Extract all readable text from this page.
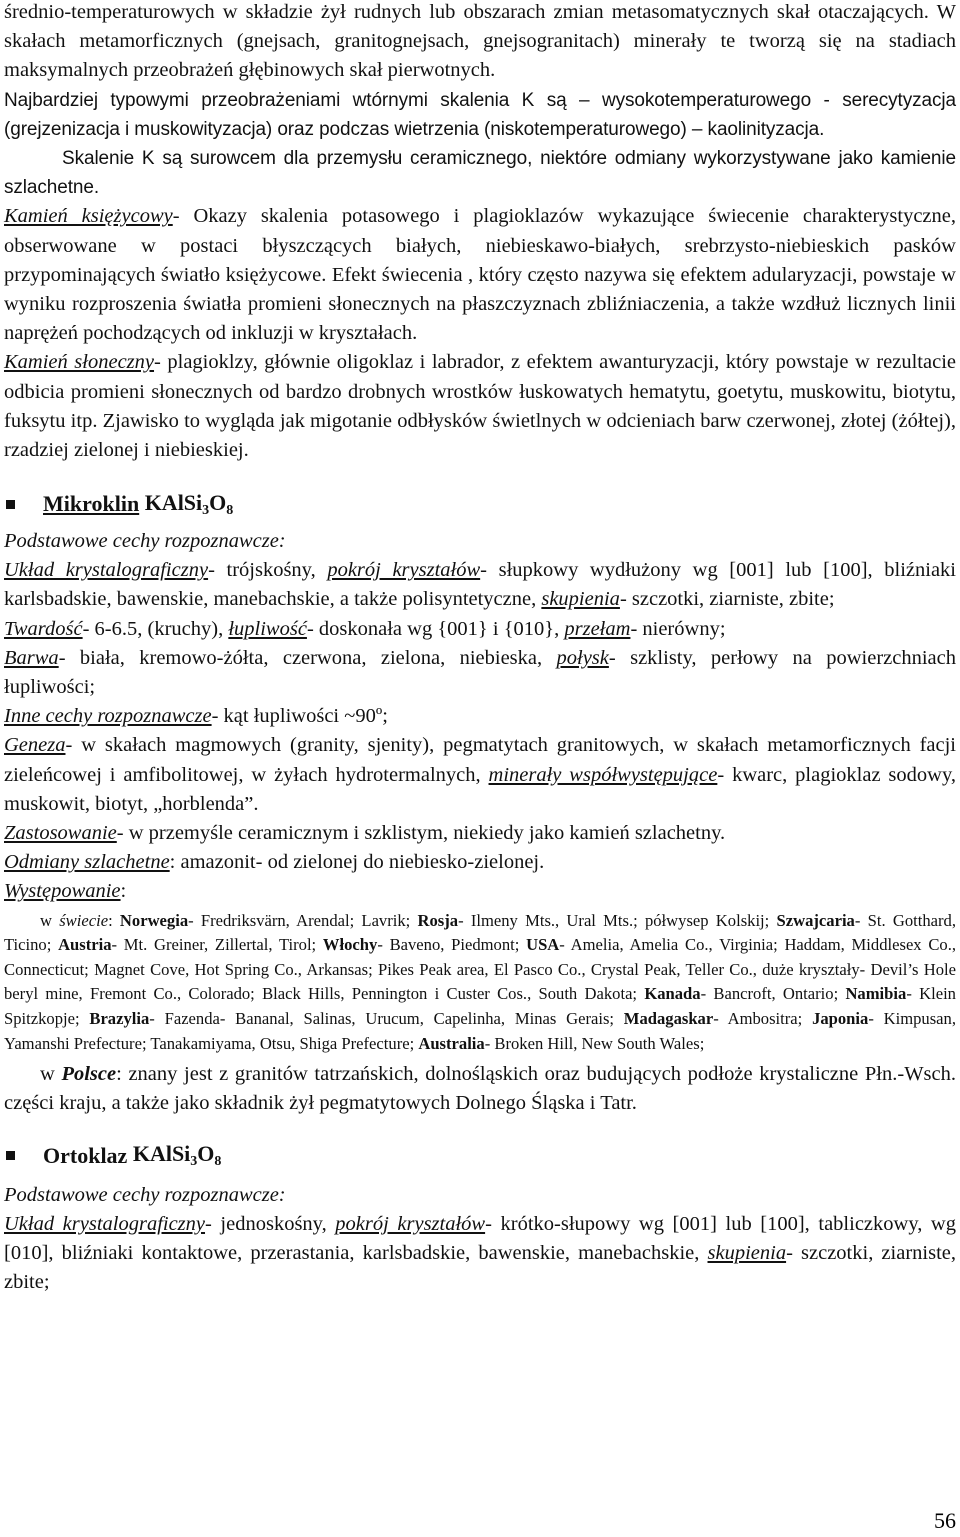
średnio-temperaturowych w składzie żył rudnych lub obszarach zmian metasomatycznych skał otaczających. W skałach metamorficznych (gnejsach, granitognejsach, gnejsogranitach) minerały te tworzą się na stadiach maksymalnych przeobrażeń głębinowych skał pierwotnych.

Najbardziej typowymi przeobrażeniami wtórnymi skalenia K są – wysokotemperaturowego - serecytyzacja (grejzenizacja i muskowityzacja) oraz podczas wietrzenia (niskotemperaturowego) – kaolinityzacja.

Skalenie K są surowcem dla przemysłu ceramicznego, niektóre odmiany wykorzystywane jako kamienie szlachetne.

Kamień księżycowy- Okazy skalenia potasowego i plagioklazów wykazujące świecenie charakterystyczne, obserwowane w postaci błyszczących białych, niebieskawo-białych, srebrzysto-niebieskich pasków przypominających światło księżycowe. Efekt świecenia , który często nazywa się efektem adularyzacji, powstaje w wyniku rozproszenia światła promieni słonecznych na płaszczyznach zbliźniaczenia, a także wzdłuż licznych linii naprężeń pochodzących od inkluzji w kryształach.

Kamień słoneczny- plagioklzy, głównie oligoklaz i labrador, z efektem awanturyzacji, który powstaje w rezultacie odbicia promieni słonecznych od bardzo drobnych wrostków łuskowatych hematytu, goetytu, muskowitu, biotytu, fuksytu itp. Zjawisko to wygląda jak migotanie odbłysków świetlnych w odcieniach barw czerwonej, złotej (żółtej), rzadziej zielonej i niebieskiej.

Mikroklin
$KAlSi_3O_8$

Podstawowe cechy rozpoznawcze:

Układ krystalograficzny- trójskośny, pokrój kryształów- słupkowy wydłużony wg [001] lub [100], bliźniaki karlsbadskie, bawenskie, manebachskie, a także polisyntetyczne, skupienia- szczotki, ziarniste, zbite;

Twardość- 6-6.5, (kruchy), łupliwość- doskonała wg {001} i {010}, przełam- nierówny;

Barwa- biała, kremowo-żółta, czerwona, zielona, niebieska, połysk- szklisty, perłowy na powierzchniach łupliwości;

Inne cechy rozpoznawcze- kąt łupliwości ~90º;

Geneza- w skałach magmowych (granity, sjenity), pegmatytach granitowych, w skałach metamorficznych facji zieleńcowej i amfibolitowej, w żyłach hydrotermalnych, minerały współwystępujące- kwarc, plagioklaz sodowy, muskowit, biotyt, „horblenda”.

Zastosowanie- w przemyśle ceramicznym i szklistym, niekiedy jako kamień szlachetny.

Odmiany szlachetne: amazonit- od zielonej do niebiesko-zielonej.

Występowanie:

w świecie: Norwegia- Fredriksvärn, Arendal; Lavrik; Rosja- Ilmeny Mts., Ural Mts.; półwysep Kolskij; Szwajcaria- St. Gotthard, Ticino; Austria- Mt. Greiner, Zillertal, Tirol; Włochy- Baveno, Piedmont; USA- Amelia, Amelia Co., Virginia; Haddam, Middlesex Co., Connecticut; Magnet Cove, Hot Spring Co., Arkansas; Pikes Peak area, El Pasco Co., Crystal Peak, Teller Co., duże kryształy- Devil’s Hole beryl mine, Fremont Co., Colorado; Black Hills, Pennington i Custer Cos., South Dakota; Kanada- Bancroft, Ontario; Namibia- Klein Spitzkopje; Brazylia- Fazenda- Bananal, Salinas, Urucum, Capelinha, Minas Gerais; Madagaskar- Ambositra; Japonia- Kimpusan, Yamanshi Prefecture; Tanakamiyama, Otsu, Shiga Prefecture; Australia- Broken Hill, New South Wales;

w Polsce: znany jest z granitów tatrzańskich, dolnośląskich oraz budujących podłoże krystaliczne Płn.-Wsch. części kraju, a także jako składnik żył pegmatytowych Dolnego Śląska i Tatr.

Ortoklaz
$KAlSi_3O_8$

Podstawowe cechy rozpoznawcze:

Układ krystalograficzny- jednoskośny, pokrój kryształów- krótko-słupowy wg [001] lub [100], tabliczkowy, wg [010], bliźniaki kontaktowe, przerastania, karlsbadskie, bawenskie, manebachskie, skupienia- szczotki, ziarniste, zbite;

56
